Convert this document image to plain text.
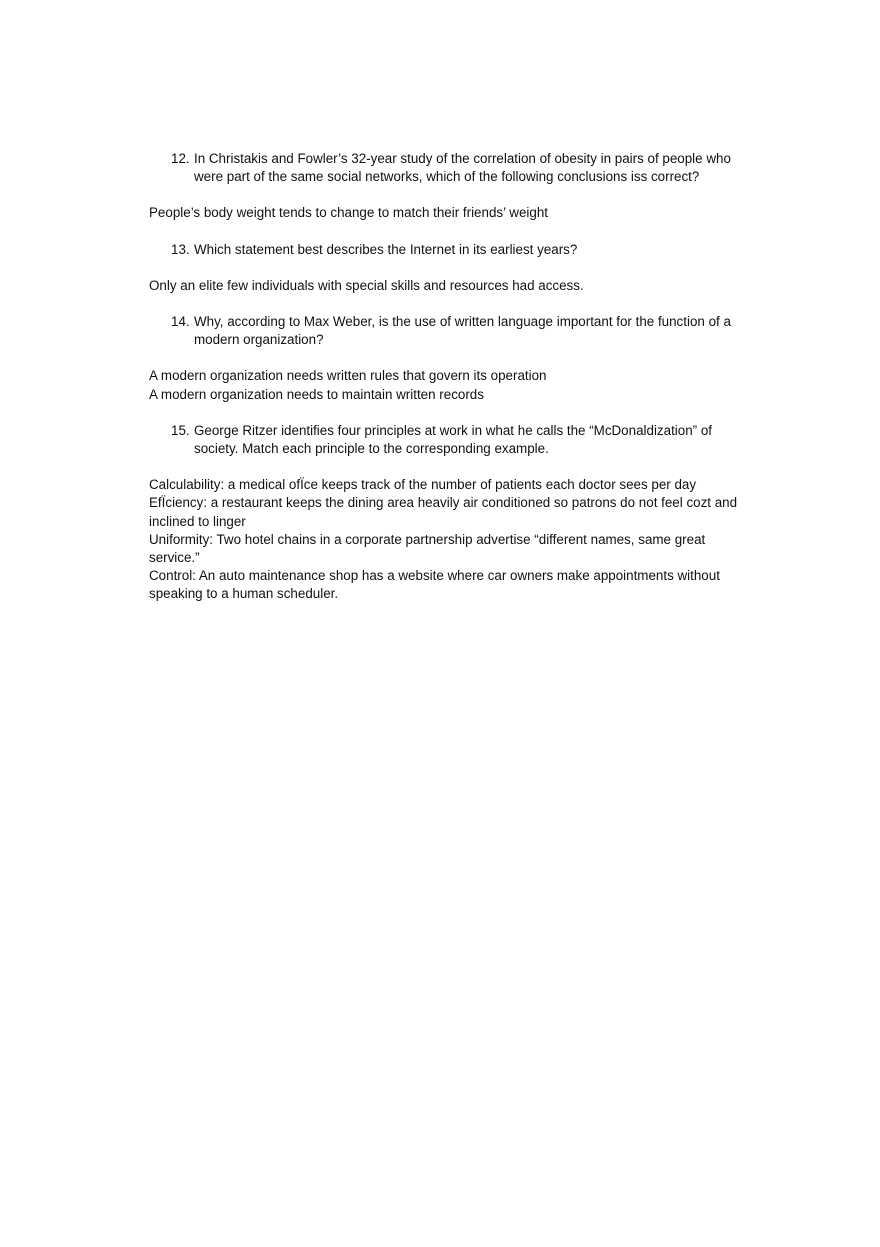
12. In Christakis and Fowler’s 32-year study of the correlation of obesity in pairs of people who were part of the same social networks, which of the following conclusions iss correct?
People’s body weight tends to change to match their friends’ weight
13. Which statement best describes the Internet in its earliest years?
Only an elite few individuals with special skills and resources had access.
14. Why, according to Max Weber, is the use of written language important for the function of a modern organization?
A modern organization needs written rules that govern its operation
A modern organization needs to maintain written records
15. George Ritzer identifies four principles at work in what he calls the “McDonaldization” of society. Match each principle to the corresponding example.
Calculability: a medical ofÏce keeps track of the number of patients each doctor sees per day
EfÏciency: a restaurant keeps the dining area heavily air conditioned so patrons do not feel cozt and inclined to linger
Uniformity: Two hotel chains in a corporate partnership advertise “different names, same great service.”
Control: An auto maintenance shop has a website where car owners make appointments without speaking to a human scheduler.
